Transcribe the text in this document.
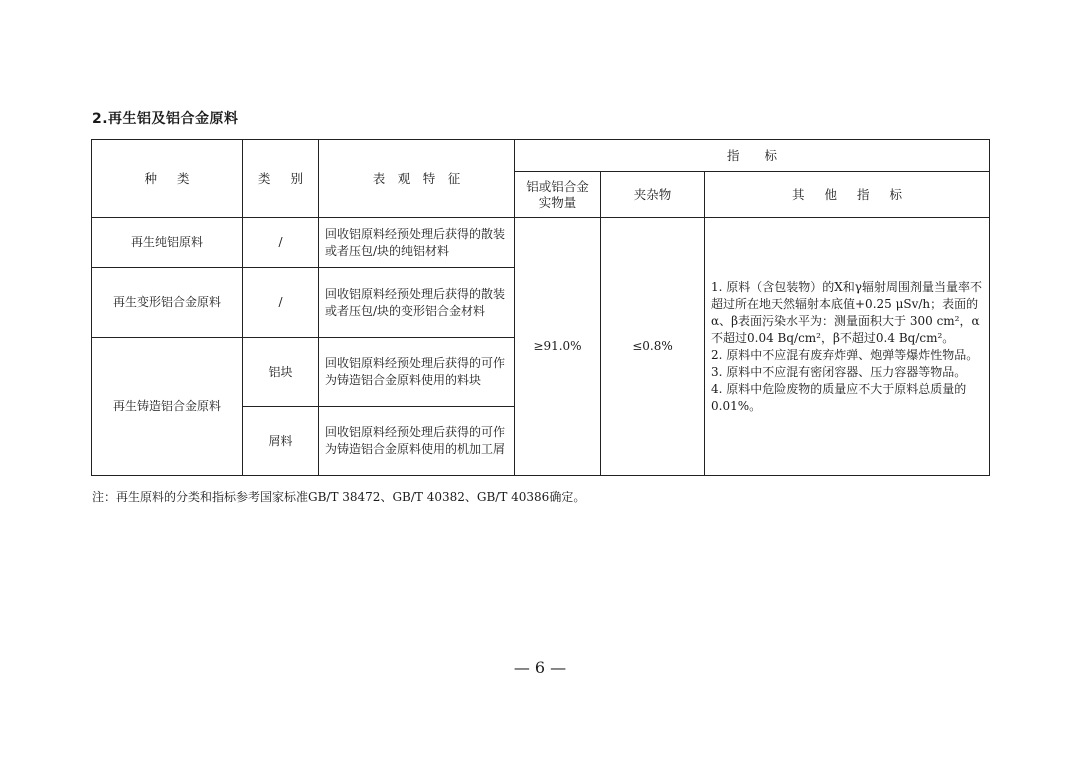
2.再生铝及铝合金原料
种 类	类 别	表　观　特　征	指　　标		
			铝或铝合金实物量	夹杂物	其 他 指 标
再生纯铝原料	/	回收铝原料经预处理后获得的散装或者压包/块的纯铝材料	≥91.0%	≤0.8%	1. 原料（含包装物）的X和γ辐射周围剂量当量率不超过所在地天然辐射本底值+0.25 μSv/h；表面的α、β表面污染水平为：测量面积大于 300 cm²，α不超过0.04 Bq/cm²，β不超过0.4 Bq/cm²。
2. 原料中不应混有废弃炸弹、炮弹等爆炸性物品。
3. 原料中不应混有密闭容器、压力容器等物品。
4. 原料中危险废物的质量应不大于原料总质量的0.01%。

再生变形铝合金原料	/	回收铝原料经预处理后获得的散装或者压包/块的变形铝合金材料			
再生铸造铝合金原料	铝块	回收铝原料经预处理后获得的可作为铸造铝合金原料使用的料块			
	屑料	回收铝原料经预处理后获得的可作为铸造铝合金原料使用的机加工屑			
注：再生原料的分类和指标参考国家标准GB/T 38472、GB/T 40382、GB/T 40386确定。
— 6 —
